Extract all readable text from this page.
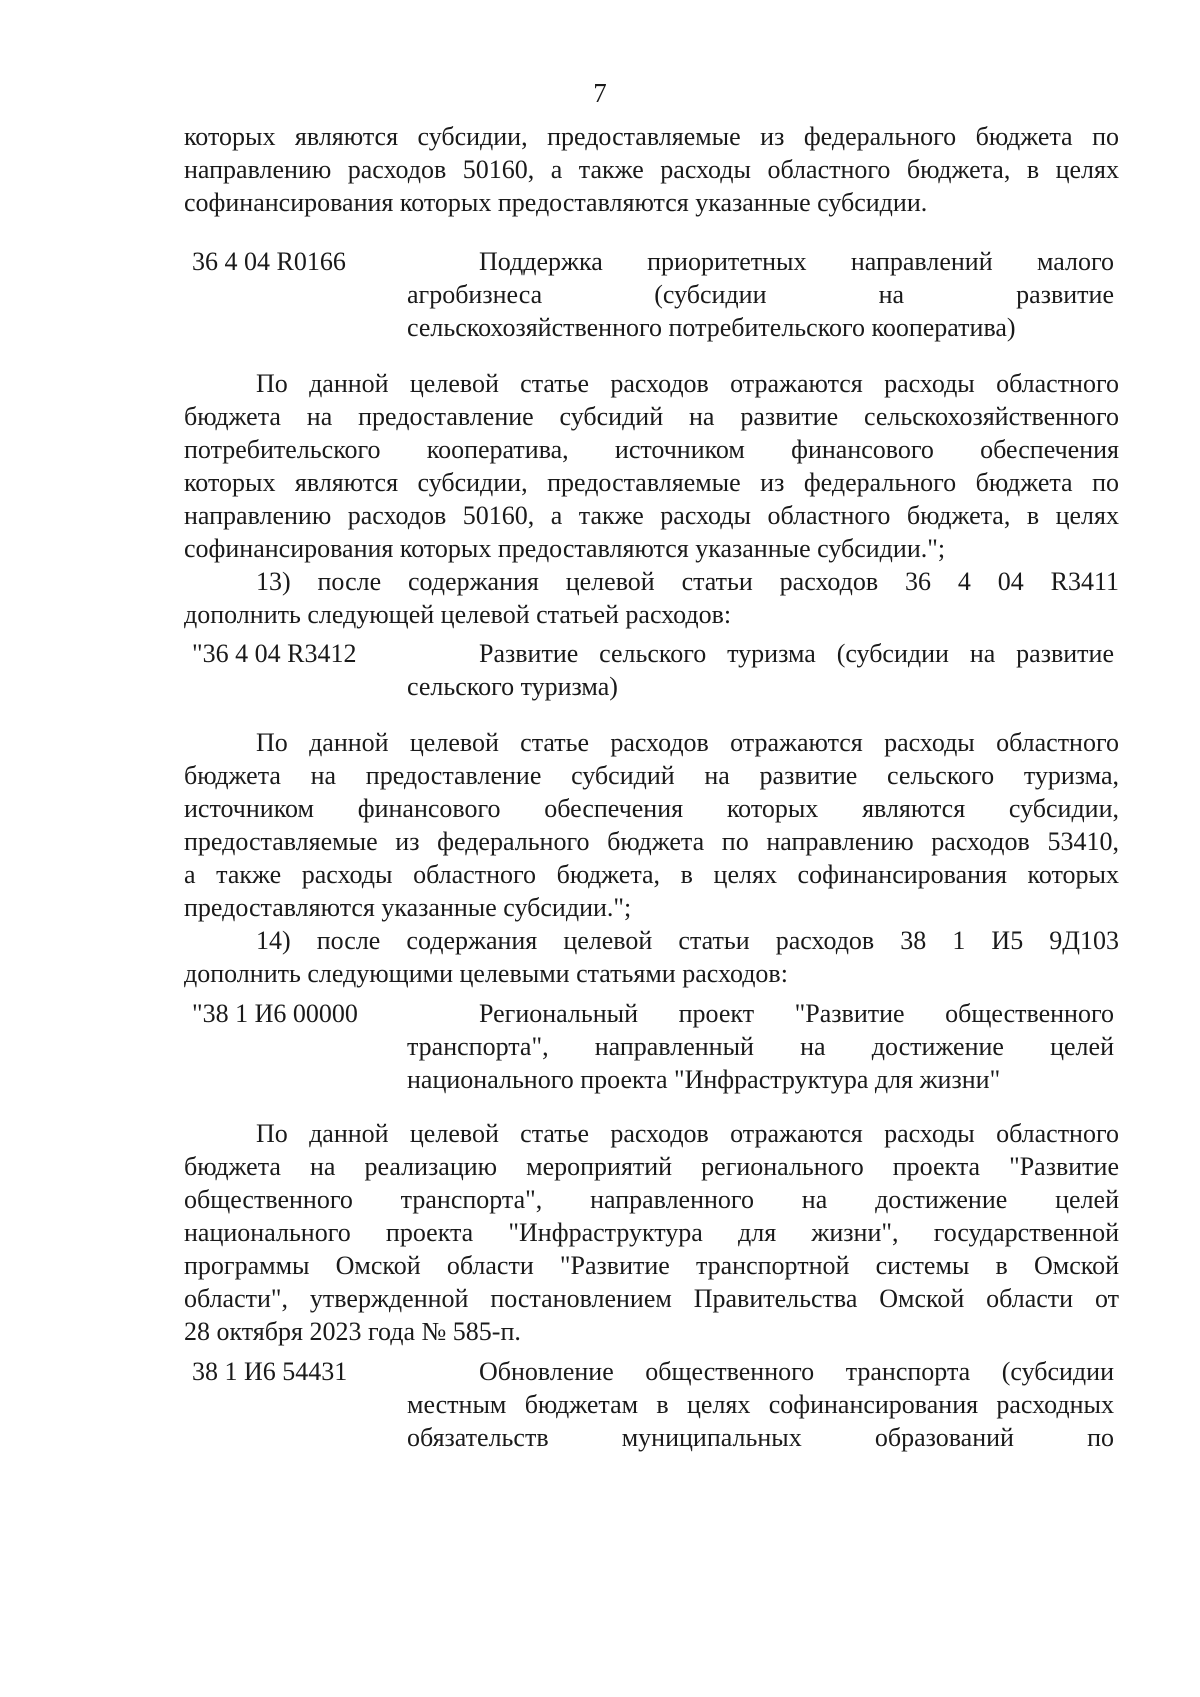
7
которых являются субсидии, предоставляемые из федерального бюджета по
направлению расходов 50160, а также расходы областного бюджета, в целях
софинансирования которых предоставляются указанные субсидии.
36 4 04 R0166	Поддержка приоритетных направлений малого
агробизнеса (субсидии на развитие
сельскохозяйственного потребительского кооператива)
По данной целевой статье расходов отражаются расходы областного
бюджета на предоставление субсидий на развитие сельскохозяйственного
потребительского кооператива, источником финансового обеспечения
которых являются субсидии, предоставляемые из федерального бюджета по
направлению расходов 50160, а также расходы областного бюджета, в целях
софинансирования которых предоставляются указанные субсидии.";
13) после содержания целевой статьи расходов 36 4 04 R3411
дополнить следующей целевой статьей расходов:
"36 4 04 R3412	Развитие сельского туризма (субсидии на развитие
сельского туризма)
По данной целевой статье расходов отражаются расходы областного
бюджета на предоставление субсидий на развитие сельского туризма,
источником финансового обеспечения которых являются субсидии,
предоставляемые из федерального бюджета по направлению расходов 53410,
а также расходы областного бюджета, в целях софинансирования которых
предоставляются указанные субсидии.";
14) после содержания целевой статьи расходов 38 1 И5 9Д103
дополнить следующими целевыми статьями расходов:
"38 1 И6 00000	Региональный проект "Развитие общественного
транспорта", направленный на достижение целей
национального проекта "Инфраструктура для жизни"
По данной целевой статье расходов отражаются расходы областного
бюджета на реализацию мероприятий регионального проекта "Развитие
общественного транспорта", направленного на достижение целей
национального проекта "Инфраструктура для жизни", государственной
программы Омской области "Развитие транспортной системы в Омской
области", утвержденной постановлением Правительства Омской области от
28 октября 2023 года № 585-п.
38 1 И6 54431	Обновление общественного транспорта (субсидии
местным бюджетам в целях софинансирования расходных
обязательств муниципальных образований по
